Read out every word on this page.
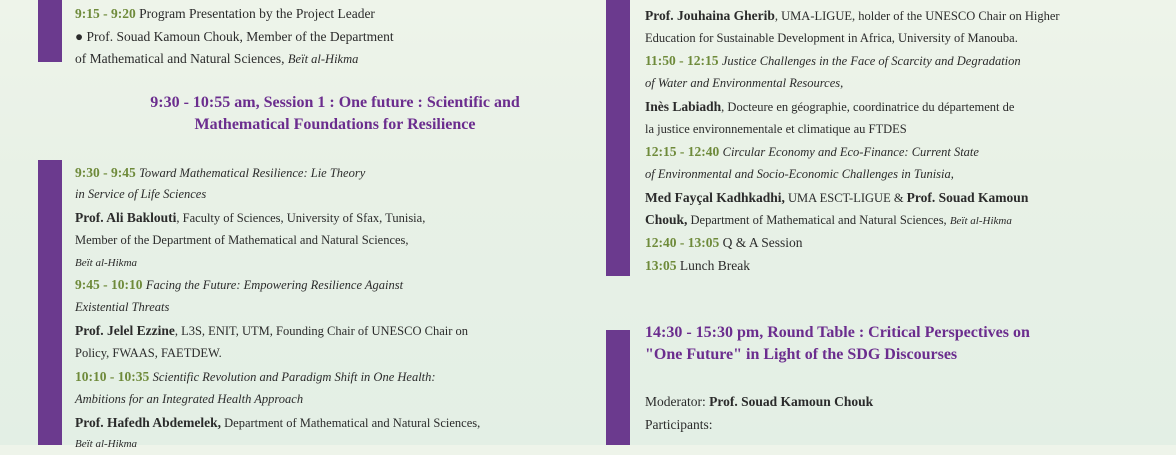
9:15 - 9:20 Program Presentation by the Project Leader
● Prof. Souad Kamoun Chouk, Member of the Department
of Mathematical and Natural Sciences, Beït al-Hikma
9:30 - 10:55 am, Session 1 : One future : Scientific and
Mathematical Foundations for Resilience
9:30 - 9:45 Toward Mathematical Resilience: Lie Theory
in Service of Life Sciences
Prof. Ali Baklouti, Faculty of Sciences, University of Sfax, Tunisia,
Member of the Department of Mathematical and Natural Sciences,
Beït al-Hikma
9:45 - 10:10 Facing the Future: Empowering Resilience Against
Existential Threats
Prof. Jelel Ezzine, L3S, ENIT, UTM, Founding Chair of UNESCO Chair on
Policy, FWAAS, FAETDEW.
10:10 - 10:35 Scientific Revolution and Paradigm Shift in One Health:
Ambitions for an Integrated Health Approach
Prof. Hafedh Abdemelek, Department of Mathematical and Natural Sciences,
Beït al-Hikma
Prof. Jouhaina Gherib, UMA-LIGUE, holder of the UNESCO Chair on Higher
Education for Sustainable Development in Africa, University of Manouba.
11:50 - 12:15 Justice Challenges in the Face of Scarcity and Degradation
of Water and Environmental Resources,
Inès Labiadh, Docteure en géographie, coordinatrice du département de
la justice environnementale et climatique au FTDES
12:15 - 12:40 Circular Economy and Eco-Finance: Current State
of Environmental and Socio-Economic Challenges in Tunisia,
Med Fayçal Kadhkadhi, UMA ESCT-LIGUE & Prof. Souad Kamoun
Chouk, Department of Mathematical and Natural Sciences, Beït al-Hikma
12:40 - 13:05 Q & A Session
13:05 Lunch Break
14:30 - 15:30 pm, Round Table : Critical Perspectives on
"One Future" in Light of the SDG Discourses
Moderator: Prof. Souad Kamoun Chouk
Participants:
